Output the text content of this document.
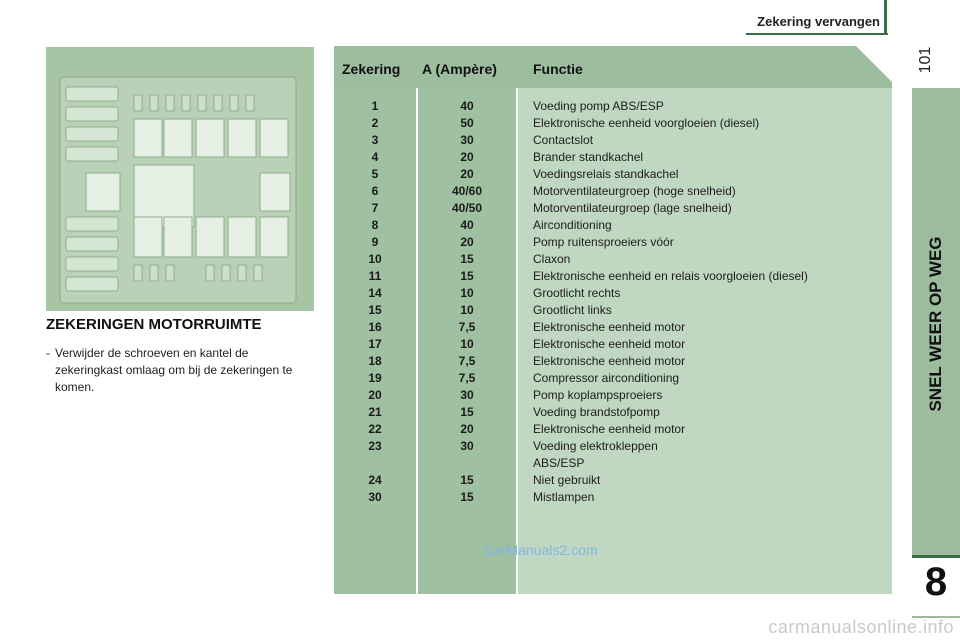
Zekering vervangen
101
SNEL WEER OP WEG
8
ZEKERINGEN MOTORRUIMTE
- Verwijder de schroeven en kantel de zekeringkast omlaag om bij de zekeringen te komen.
Zekering A (Ampère)	Functie
1	40	Voeding pomp ABS/ESP
2	50	Elektronische eenheid voorgloeien (diesel)
3	30	Contactslot
4	20	Brander standkachel
5	20	Voedingsrelais standkachel
6	40/60	Motorventilateurgroep (hoge snelheid)
7	40/50	Motorventilateurgroep (lage snelheid)
8	40	Airconditioning
9	20	Pomp ruitensproeiers vóór
10	15	Claxon
11	15	Elektronische eenheid en relais voorgloeien (diesel)
14	10	Grootlicht rechts
15	10	Grootlicht links
16	7,5	Elektronische eenheid motor
17	10	Elektronische eenheid motor
18	7,5	Elektronische eenheid motor
19	7,5	Compressor airconditioning
20	30	Pomp koplampsproeiers
21	15	Voeding brandstofpomp
22	20	Elektronische eenheid motor
23	30	Voeding elektrokleppen
ABS/ESP
24	15	Niet gebruikt
30	15	Mistlampen
CarManuals2.com
carmanualsonline.info
